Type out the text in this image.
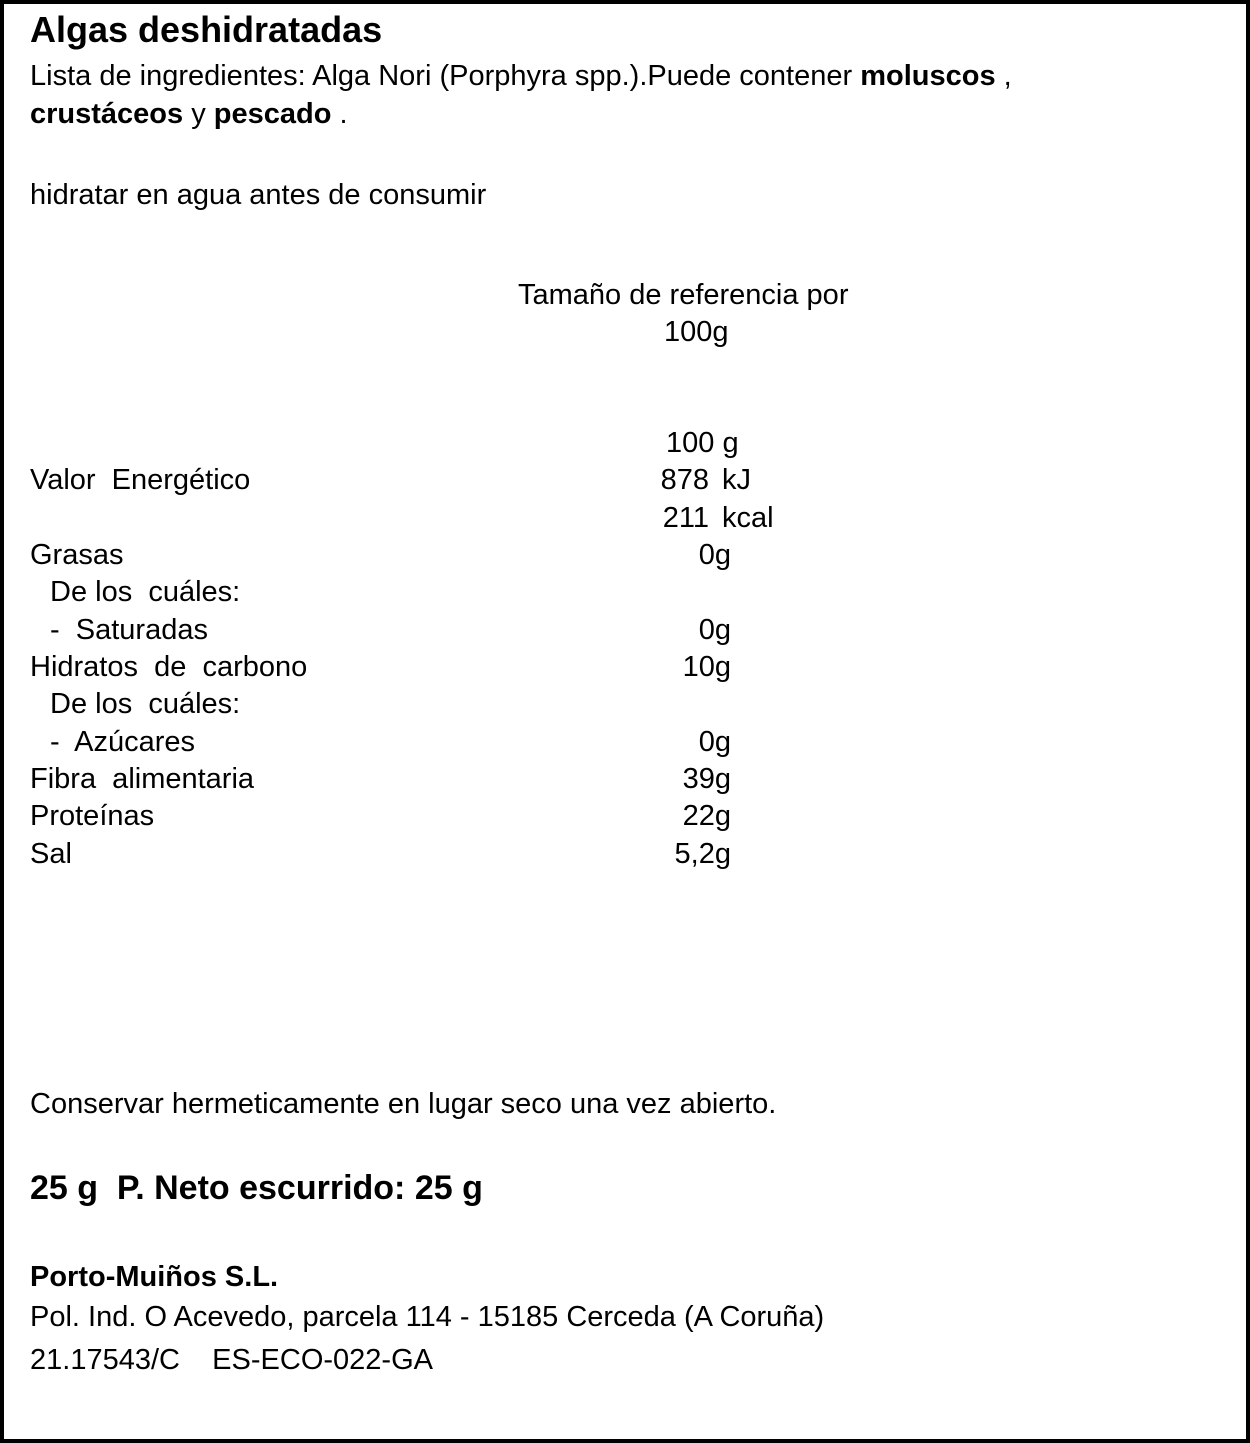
Algas deshidratadas
Lista de ingredientes: Alga Nori (Porphyra spp.).Puede contener moluscos ,
crustáceos y pescado .
hidratar en agua antes de consumir
Tamaño de referencia por
100g
100 g
Valor  Energético	878 kJ
211 kcal
Grasas	0g
De los  cuáles:
-  Saturadas	0g
Hidratos  de  carbono	10g
De los  cuáles:
-  Azúcares	0g
Fibra  alimentaria	39g
Proteínas	22g
Sal	5,2g
Conservar hermeticamente en lugar seco una vez abierto.
25 g  P. Neto escurrido: 25 g
Porto-Muiños S.L.
Pol. Ind. O Acevedo, parcela 114 - 15185 Cerceda (A Coruña)
21.17543/C    ES-ECO-022-GA
